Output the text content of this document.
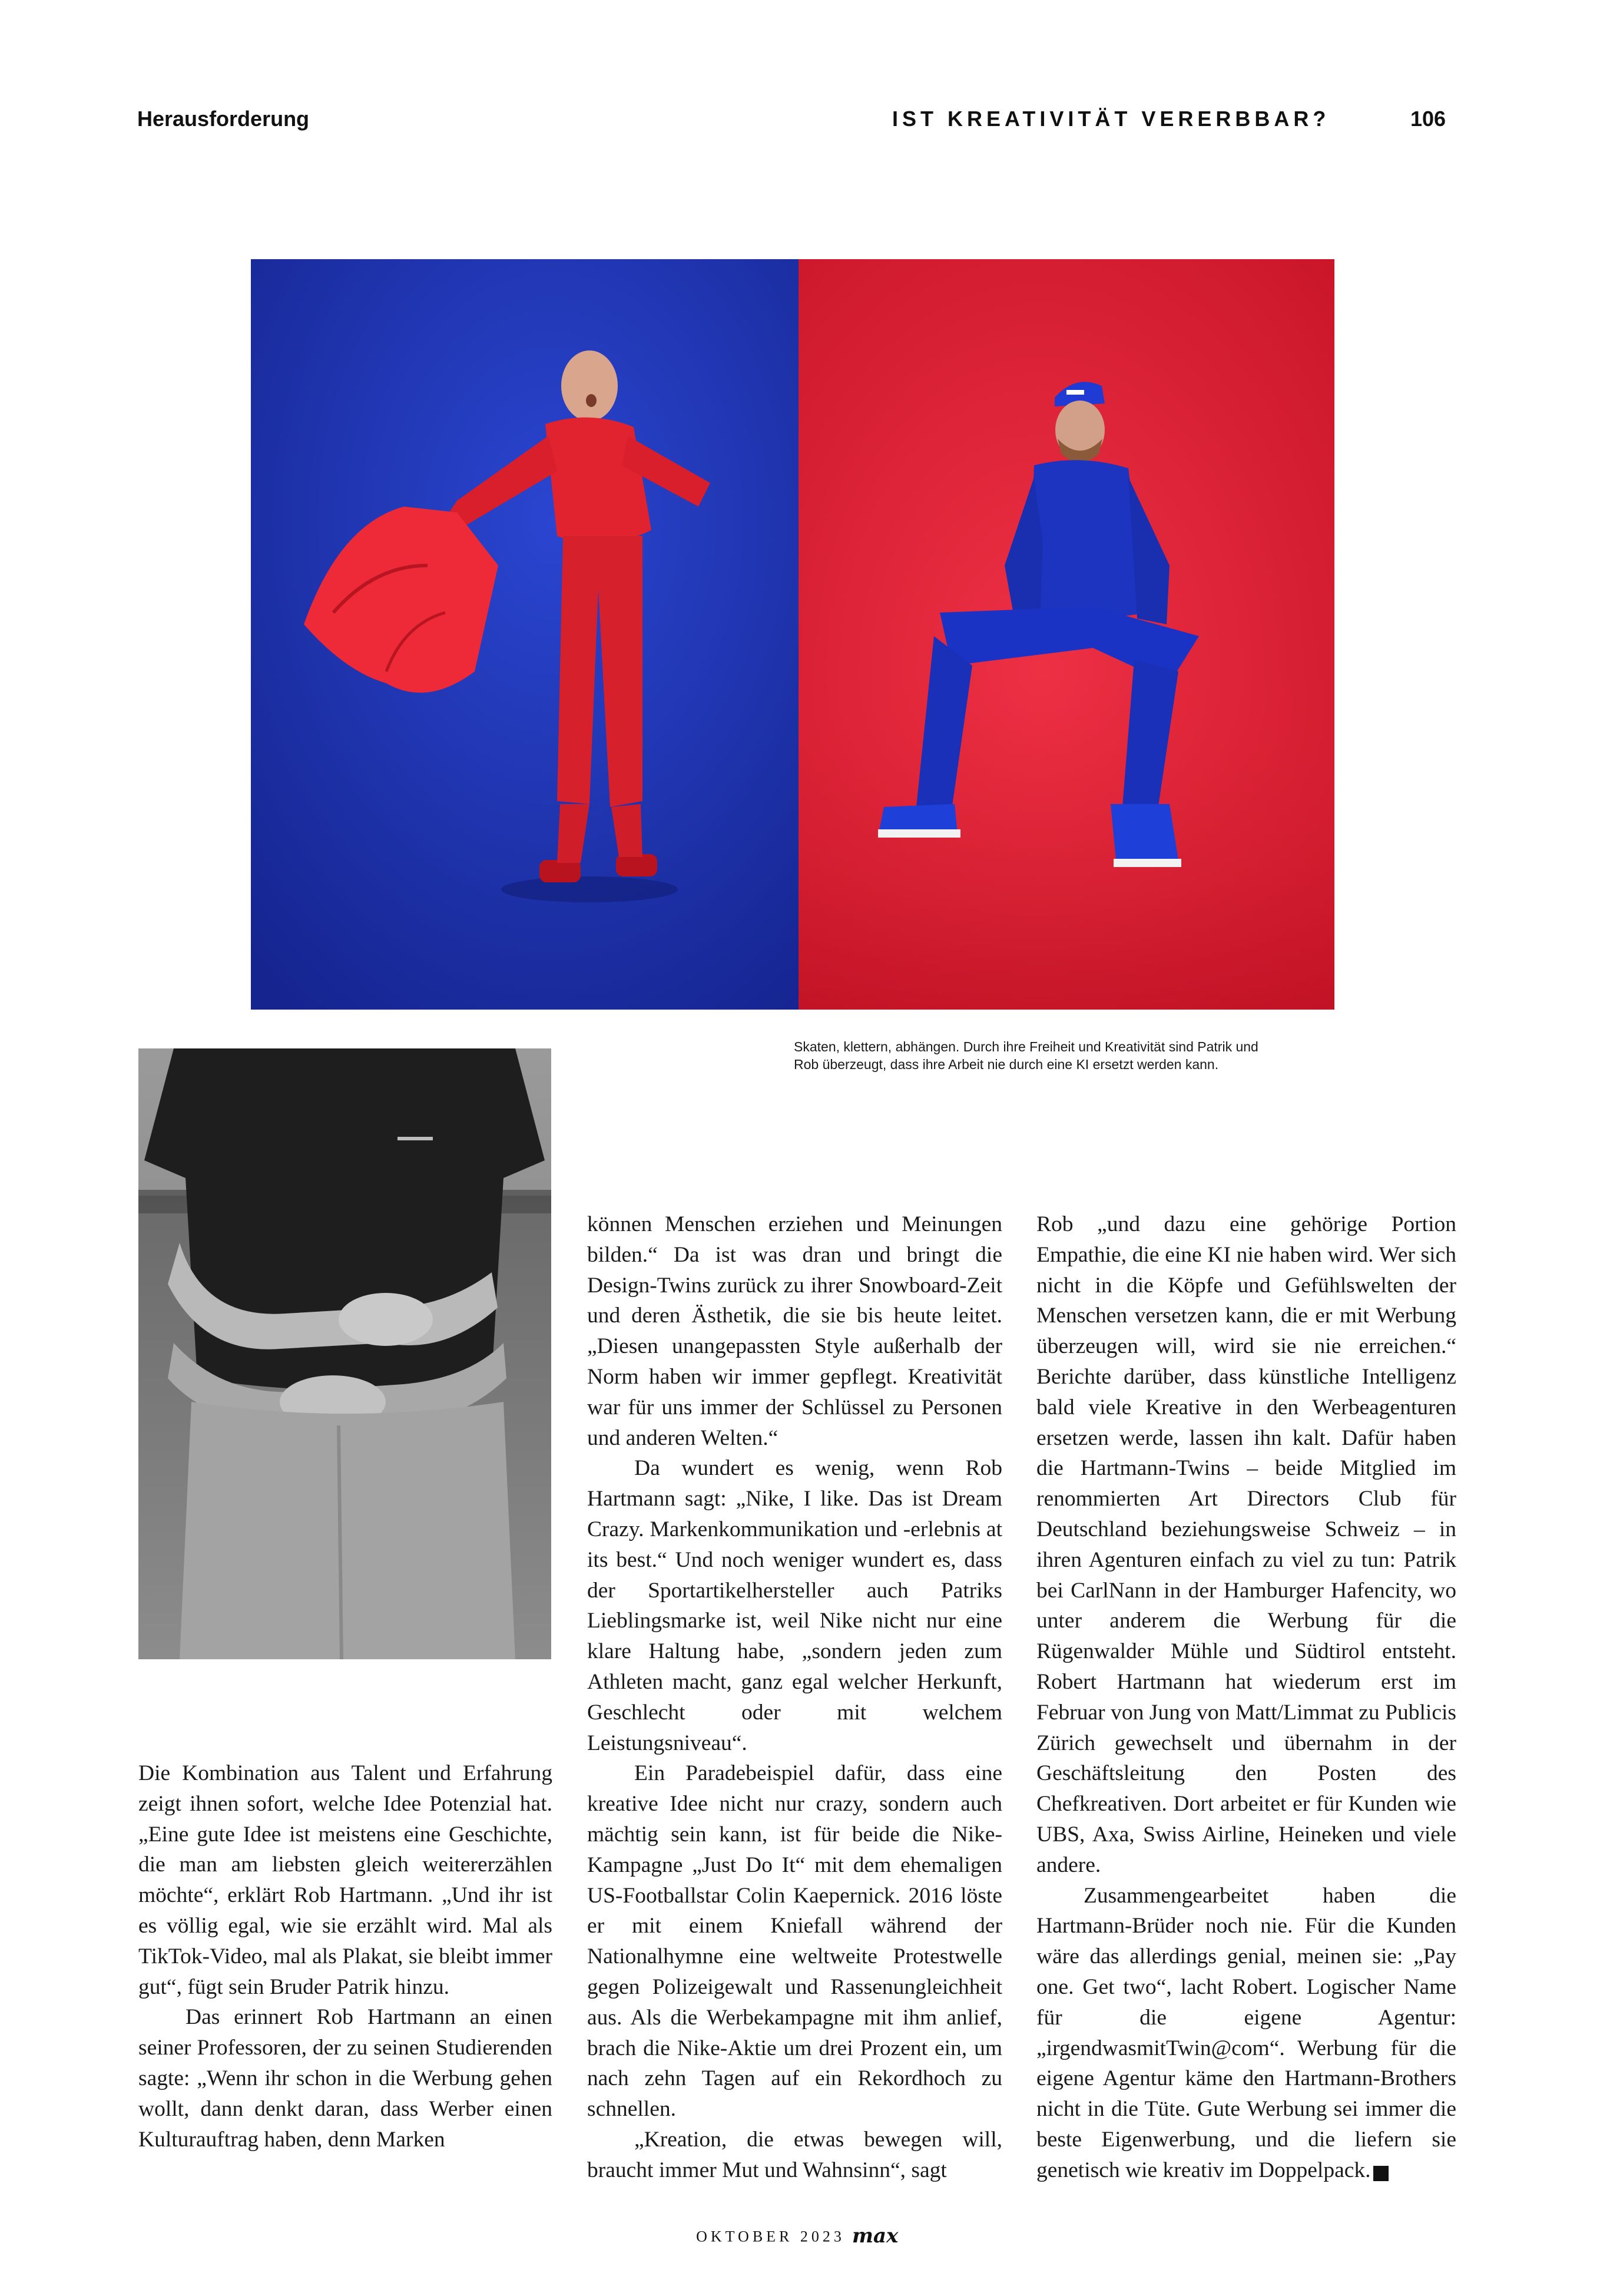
Herausforderung	IST KREATIVITÄT VERERBBAR?	106
Skaten, klettern, abhängen. Durch ihre Freiheit und Kreativität sind Patrik und Rob überzeugt, dass ihre Arbeit nie durch eine KI ersetzt werden kann.

Die Kombination aus Talent und Erfahrung zeigt ihnen sofort, welche Idee Potenzial hat. „Eine gute Idee ist meistens eine Geschichte, die man am liebsten gleich weitererzählen möchte“, erklärt Rob Hartmann. „Und ihr ist es völlig egal, wie sie erzählt wird. Mal als TikTok-Video, mal als Plakat, sie bleibt immer gut“, fügt sein Bruder Patrik hinzu.

Das erinnert Rob Hartmann an einen seiner Professoren, der zu seinen Studierenden sagte: „Wenn ihr schon in die Werbung gehen wollt, dann denkt daran, dass Werber einen Kulturauftrag haben, denn Marken

können Menschen erziehen und Meinungen bilden.“ Da ist was dran und bringt die Design-Twins zurück zu ihrer Snowboard-Zeit und deren Ästhetik, die sie bis heute leitet. „Diesen unangepassten Style außerhalb der Norm haben wir immer gepflegt. Kreativität war für uns immer der Schlüssel zu Personen und anderen Welten.“

Da wundert es wenig, wenn Rob Hartmann sagt: „Nike, I like. Das ist Dream Crazy. Markenkommunikation und -erlebnis at its best.“ Und noch weniger wundert es, dass der Sportartikelhersteller auch Patriks Lieblingsmarke ist, weil Nike nicht nur eine klare Haltung habe, „sondern jeden zum Athleten macht, ganz egal welcher Herkunft, Geschlecht oder mit welchem Leistungsniveau“.

Ein Paradebeispiel dafür, dass eine kreative Idee nicht nur crazy, sondern auch mächtig sein kann, ist für beide die Nike-Kampagne „Just Do It“ mit dem ehemaligen US-Footballstar Colin Kaepernick. 2016 löste er mit einem Kniefall während der Nationalhymne eine weltweite Protestwelle gegen Polizeigewalt und Rassenungleichheit aus. Als die Werbekampagne mit ihm anlief, brach die Nike-Aktie um drei Prozent ein, um nach zehn Tagen auf ein Rekordhoch zu schnellen.

„Kreation, die etwas bewegen will, braucht immer Mut und Wahnsinn“, sagt

Rob „und dazu eine gehörige Portion Empathie, die eine KI nie haben wird. Wer sich nicht in die Köpfe und Gefühlswelten der Menschen versetzen kann, die er mit Werbung überzeugen will, wird sie nie erreichen.“ Berichte darüber, dass künstliche Intelligenz bald viele Kreative in den Werbeagenturen ersetzen werde, lassen ihn kalt. Dafür haben die Hartmann-Twins – beide Mitglied im renommierten Art Directors Club für Deutschland beziehungsweise Schweiz – in ihren Agenturen einfach zu viel zu tun: Patrik bei CarlNann in der Hamburger Hafencity, wo unter anderem die Werbung für die Rügenwalder Mühle und Südtirol entsteht. Robert Hartmann hat wiederum erst im Februar von Jung von Matt/Limmat zu Publicis Zürich gewechselt und übernahm in der Geschäftsleitung den Posten des Chefkreativen. Dort arbeitet er für Kunden wie UBS, Axa, Swiss Airline, Heineken und viele andere.

Zusammengearbeitet haben die Hartmann-Brüder noch nie. Für die Kunden wäre das allerdings genial, meinen sie: „Pay one. Get two“, lacht Robert. Logischer Name für die eigene Agentur: „irgendwasmitTwin@com“. Werbung für die eigene Agentur käme den Hartmann-Brothers nicht in die Tüte. Gute Werbung sei immer die beste Eigenwerbung, und die liefern sie genetisch wie kreativ im Doppelpack.	M

OKTOBER 2023 max
